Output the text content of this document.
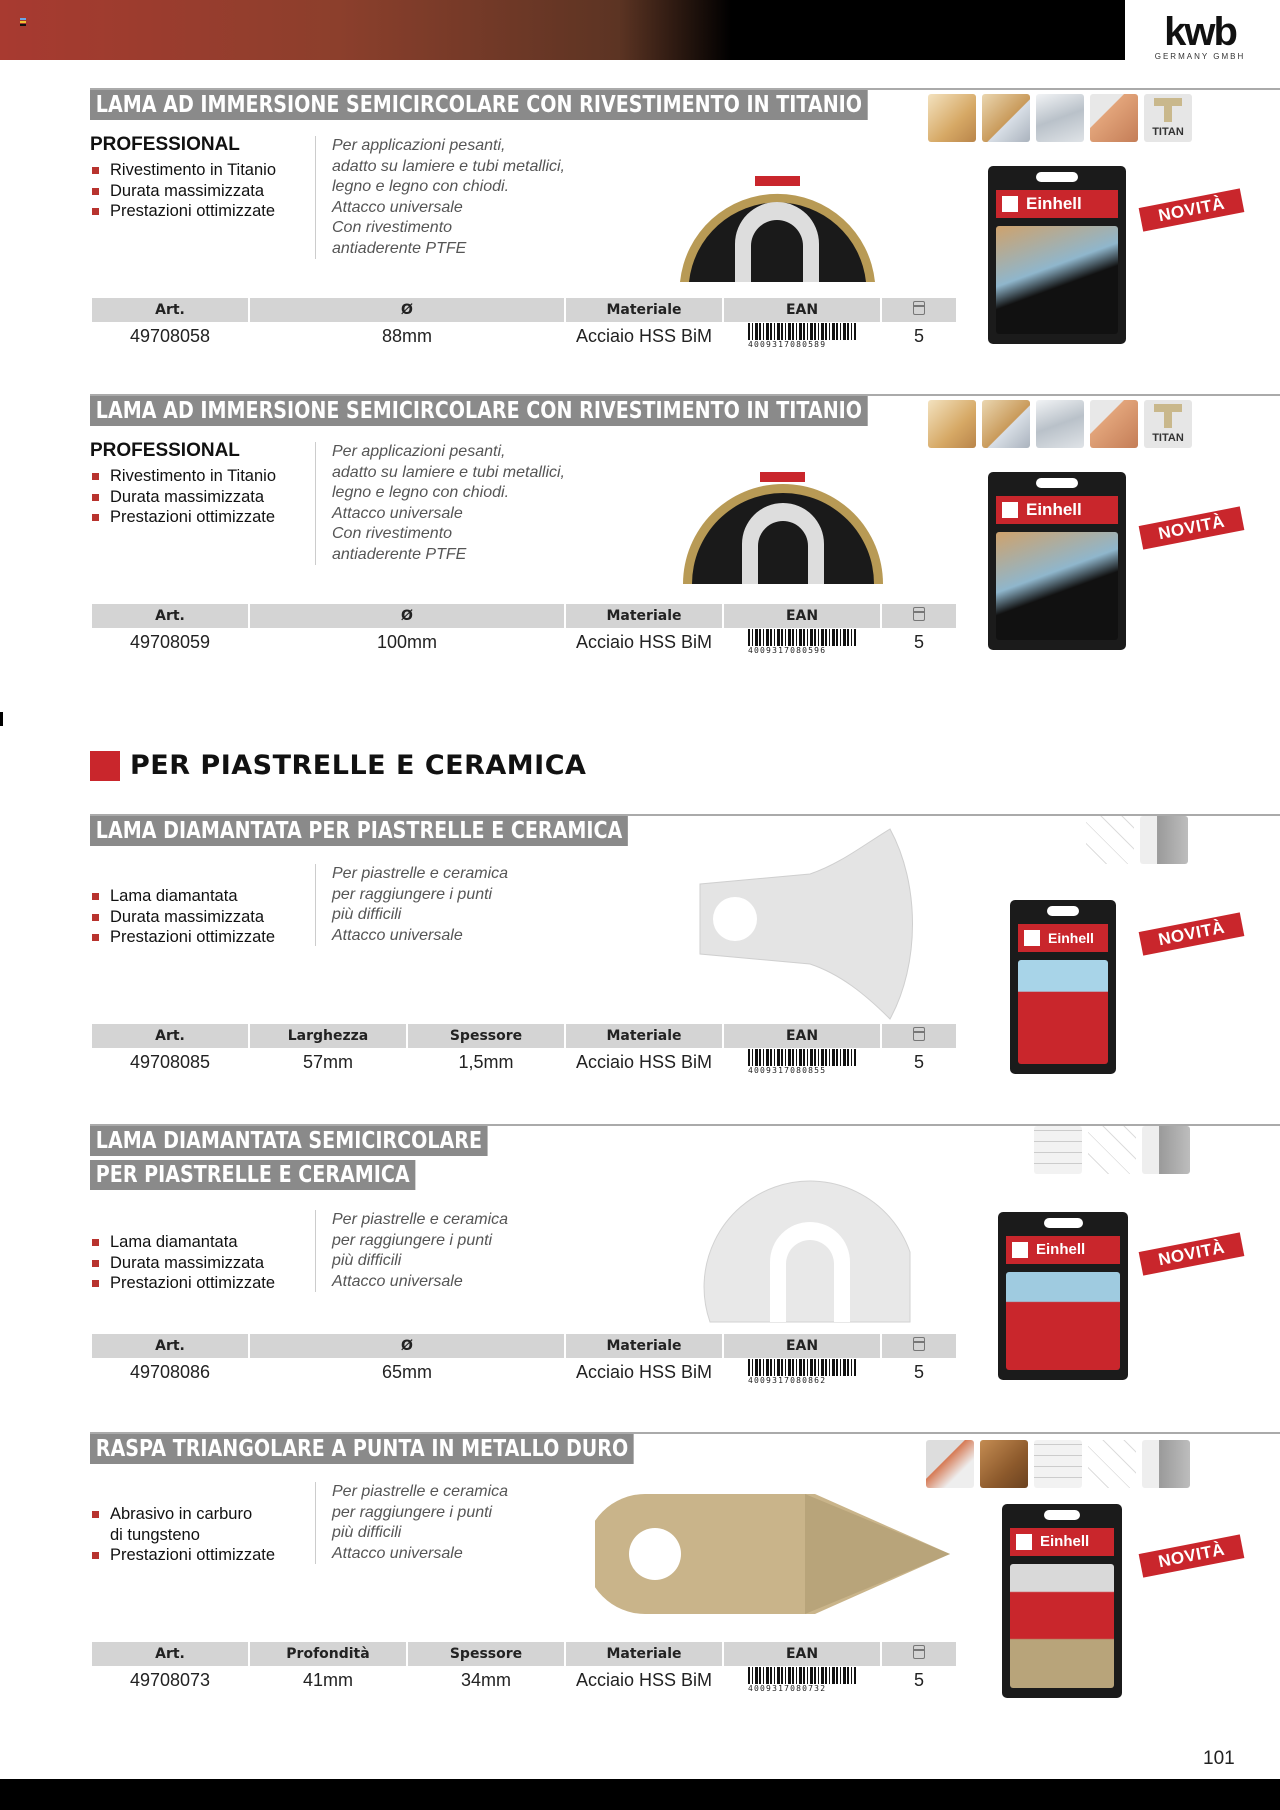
kwb
GERMANY GMBH
LAMA AD IMMERSIONE SEMICIRCOLARE CON RIVESTIMENTO IN TITANIO
PROFESSIONAL
Rivestimento in Titanio
Durata massimizzata
Prestazioni ottimizzate
Per applicazioni pesanti,
adatto su lamiere e tubi metallici,
legno e legno con chiodi.
Attacco universale
Con rivestimento
antiaderente PTFE
TITAN
Einhell	NOVITÀ
Art.	Ø	Materiale	EAN	
49708058	88mm	Acciaio HSS BiM	4009317080589	5
LAMA AD IMMERSIONE SEMICIRCOLARE CON RIVESTIMENTO IN TITANIO
PROFESSIONAL
Rivestimento in Titanio
Durata massimizzata
Prestazioni ottimizzate
Per applicazioni pesanti,
adatto su lamiere e tubi metallici,
legno e legno con chiodi.
Attacco universale
Con rivestimento
antiaderente PTFE
TITAN
Einhell
NOVITÀ
Art.	Ø	Materiale	EAN	
49708059	100mm	Acciaio HSS BiM	4009317080596	5
PER PIASTRELLE E CERAMICA
LAMA DIAMANTATA PER PIASTRELLE E CERAMICA
Lama diamantata
Durata massimizzata
Prestazioni ottimizzate
Per piastrelle e ceramica
per raggiungere i punti
più difficili
Attacco universale	Einhell	NOVITÀ
Art.	Larghezza	Spessore	Materiale	EAN	
49708085	57mm	1,5mm	Acciaio HSS BiM	4009317080855	5
LAMA DIAMANTATA SEMICIRCOLARE
PER PIASTRELLE E CERAMICA
Lama diamantata
Durata massimizzata
Prestazioni ottimizzate
Per piastrelle e ceramica
per raggiungere i punti
più difficili
Attacco universale
Einhell	NOVITÀ
Art.	Ø	Materiale	EAN	
49708086	65mm	Acciaio HSS BiM	4009317080862	5
RASPA TRIANGOLARE A PUNTA IN METALLO DURO
Abrasivo in carburo
di tungsteno
Prestazioni ottimizzate
Per piastrelle e ceramica
per raggiungere i punti
più difficili
Attacco universale
Einhell	NOVITÀ
Art.	Profondità	Spessore	Materiale	EAN	
49708073	41mm	34mm	Acciaio HSS BiM	4009317080732	5
101
